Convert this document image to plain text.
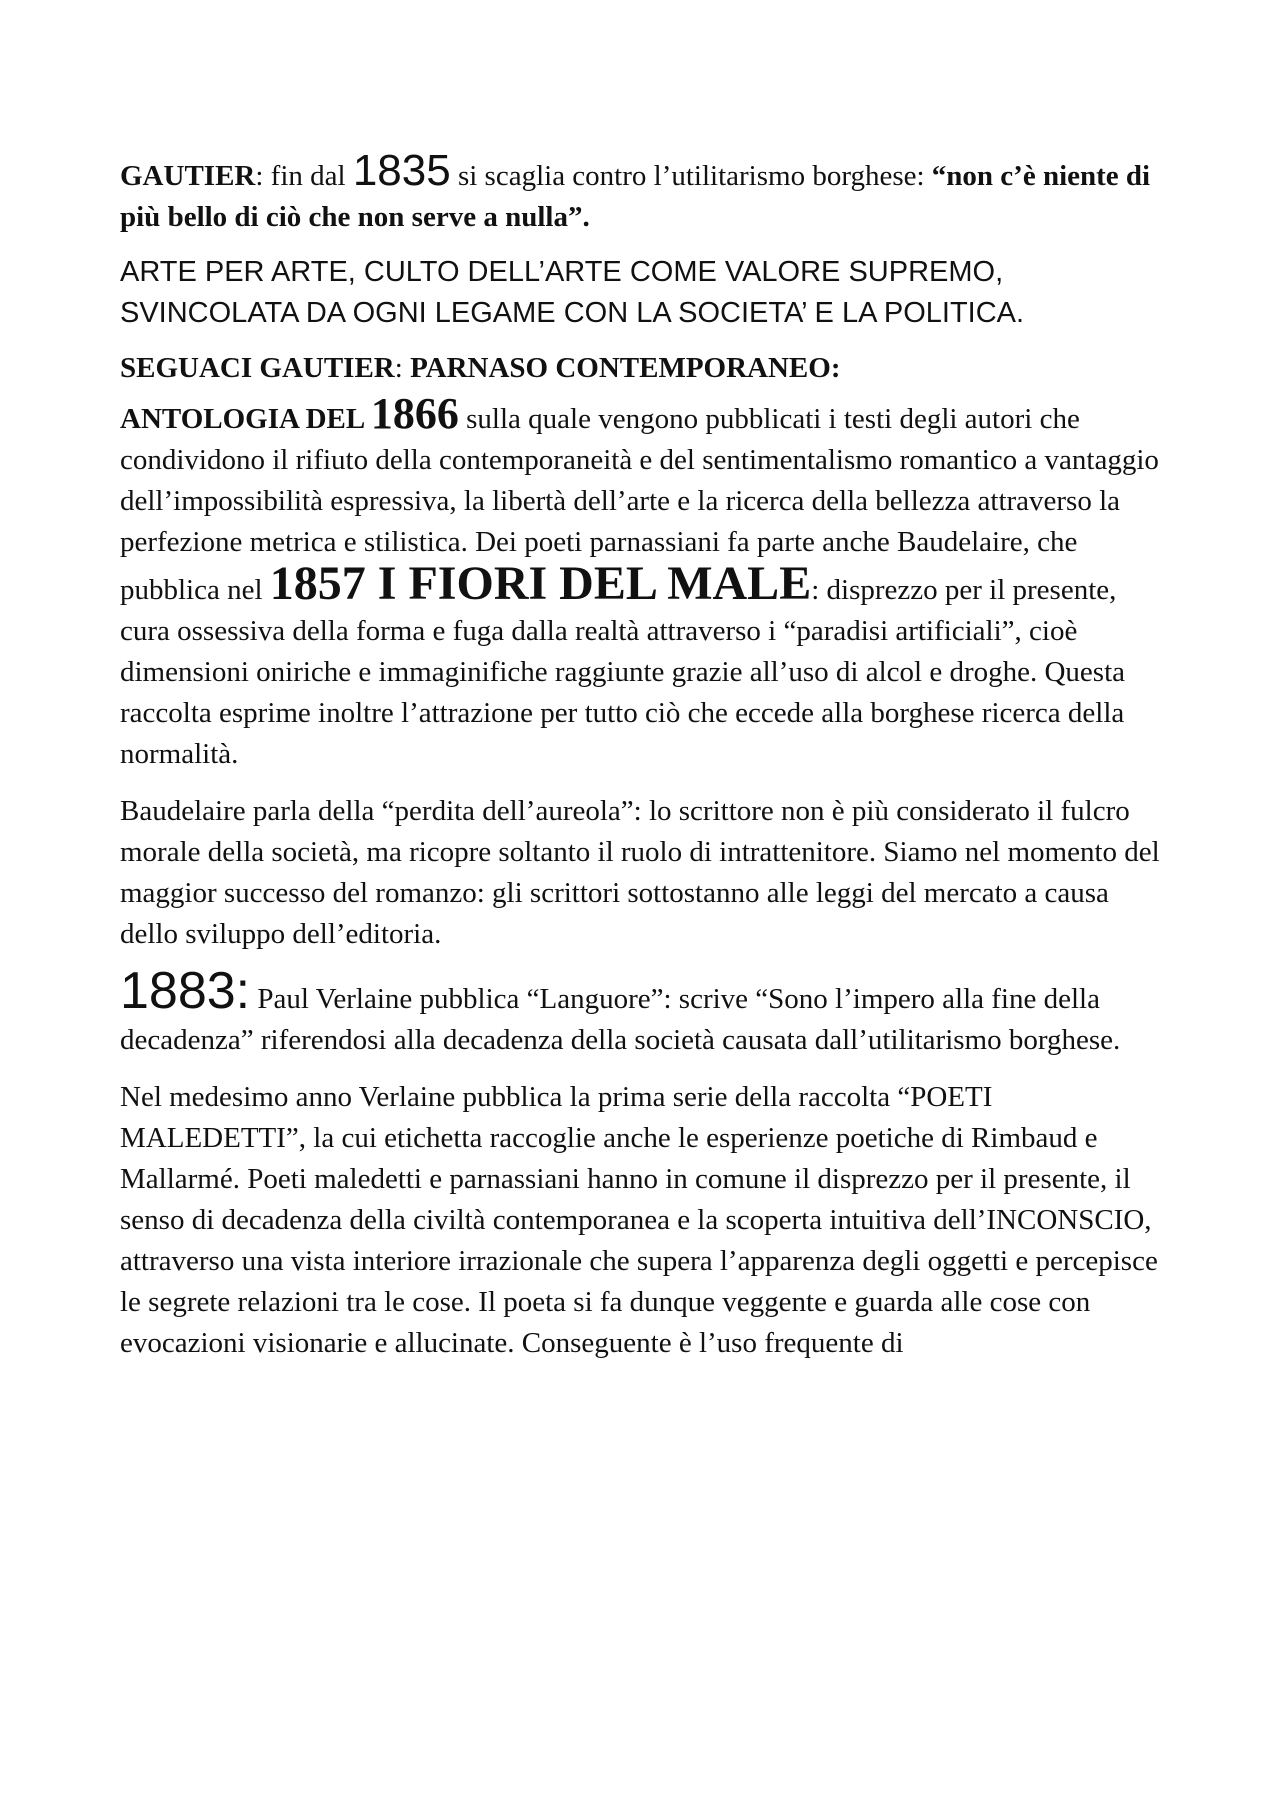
GAUTIER: fin dal 1835 si scaglia contro l’utilitarismo borghese: “non c’è niente di più bello di ciò che non serve a nulla”.

ARTE PER ARTE, CULTO DELL’ARTE COME VALORE SUPREMO, SVINCOLATA DA OGNI LEGAME CON LA SOCIETA’ E LA POLITICA.

SEGUACI GAUTIER: PARNASO CONTEMPORANEO:

ANTOLOGIA DEL 1866 sulla quale vengono pubblicati i testi degli autori che condividono il rifiuto della contemporaneità e del sentimentalismo romantico a vantaggio dell’impossibilità espressiva, la libertà dell’arte e la ricerca della bellezza attraverso la perfezione metrica e stilistica. Dei poeti parnassiani fa parte anche Baudelaire, che pubblica nel 1857 I FIORI DEL MALE: disprezzo per il presente, cura ossessiva della forma e fuga dalla realtà attraverso i “paradisi artificiali”, cioè dimensioni oniriche e immaginifiche raggiunte grazie all’uso di alcol e droghe. Questa raccolta esprime inoltre l’attrazione per tutto ciò che eccede alla borghese ricerca della normalità.

Baudelaire parla della “perdita dell’aureola”: lo scrittore non è più considerato il fulcro morale della società, ma ricopre soltanto il ruolo di intrattenitore. Siamo nel momento del maggior successo del romanzo: gli scrittori sottostanno alle leggi del mercato a causa dello sviluppo dell’editoria.

1883: Paul Verlaine pubblica “Languore”: scrive “Sono l’impero alla fine della decadenza” riferendosi alla decadenza della società causata dall’utilitarismo borghese.

Nel medesimo anno Verlaine pubblica la prima serie della raccolta “POETI MALEDETTI”, la cui etichetta raccoglie anche le esperienze poetiche di Rimbaud e Mallarmé. Poeti maledetti e parnassiani hanno in comune il disprezzo per il presente, il senso di decadenza della civiltà contemporanea e la scoperta intuitiva dell’INCONSCIO, attraverso una vista interiore irrazionale che supera l’apparenza degli oggetti e percepisce le segrete relazioni tra le cose. Il poeta si fa dunque veggente e guarda alle cose con evocazioni visionarie e allucinate. Conseguente è l’uso frequente di
